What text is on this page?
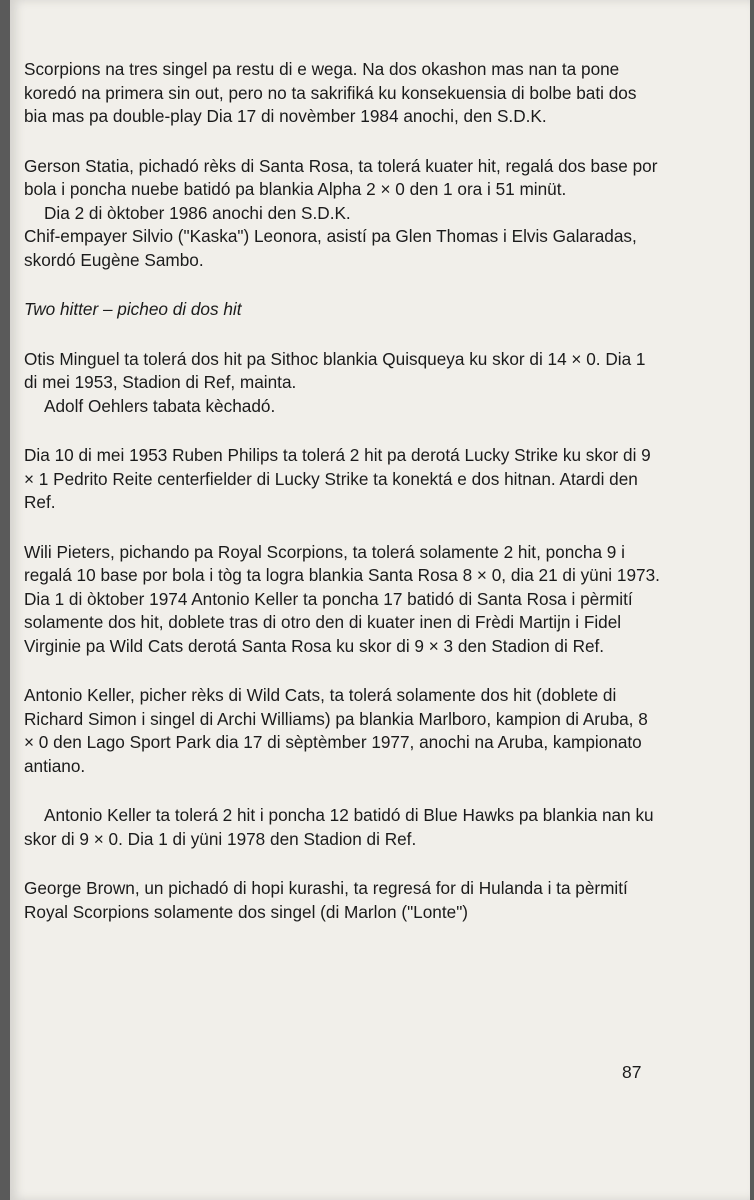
Scorpions na tres singel pa restu di e wega. Na dos okashon mas nan ta pone koredó na primera sin out, pero no ta sakrifiká ku konsekuensia di bolbe bati dos bia mas pa double-play Dia 17 di novèmber 1984 anochi, den S.D.K.

Gerson Statia, pichadó rèks di Santa Rosa, ta tolerá kuater hit, regalá dos base por bola i poncha nuebe batidó pa blankia Alpha 2 × 0 den 1 ora i 51 minüt.

Dia 2 di òktober 1986 anochi den S.D.K.

Chif-empayer Silvio ("Kaska") Leonora, asistí pa Glen Thomas i Elvis Galaradas, skordó Eugène Sambo.

Two hitter – picheo di dos hit

Otis Minguel ta tolerá dos hit pa Sithoc blankia Quisqueya ku skor di 14 × 0. Dia 1 di mei 1953, Stadion di Ref, mainta.

Adolf Oehlers tabata kèchadó.

Dia 10 di mei 1953 Ruben Philips ta tolerá 2 hit pa derotá Lucky Strike ku skor di 9 × 1 Pedrito Reite centerfielder di Lucky Strike ta konektá e dos hitnan. Atardi den Ref.

Wili Pieters, pichando pa Royal Scorpions, ta tolerá solamente 2 hit, poncha 9 i regalá 10 base por bola i tòg ta logra blankia Santa Rosa 8 × 0, dia 21 di yüni 1973.

Dia 1 di òktober 1974 Antonio Keller ta poncha 17 batidó di Santa Rosa i pèrmití solamente dos hit, doblete tras di otro den di kuater inen di Frèdi Martijn i Fidel Virginie pa Wild Cats derotá Santa Rosa ku skor di 9 × 3 den Stadion di Ref.

Antonio Keller, picher rèks di Wild Cats, ta tolerá solamente dos hit (doblete di Richard Simon i singel di Archi Williams) pa blankia Marlboro, kampion di Aruba, 8 × 0 den Lago Sport Park dia 17 di sèptèmber 1977, anochi na Aruba, kampionato antiano.

Antonio Keller ta tolerá 2 hit i poncha 12 batidó di Blue Hawks pa blankia nan ku skor di 9 × 0. Dia 1 di yüni 1978 den Stadion di Ref.

George Brown, un pichadó di hopi kurashi, ta regresá for di Hulanda i ta pèrmití Royal Scorpions solamente dos singel (di Marlon ("Lonte")

87
